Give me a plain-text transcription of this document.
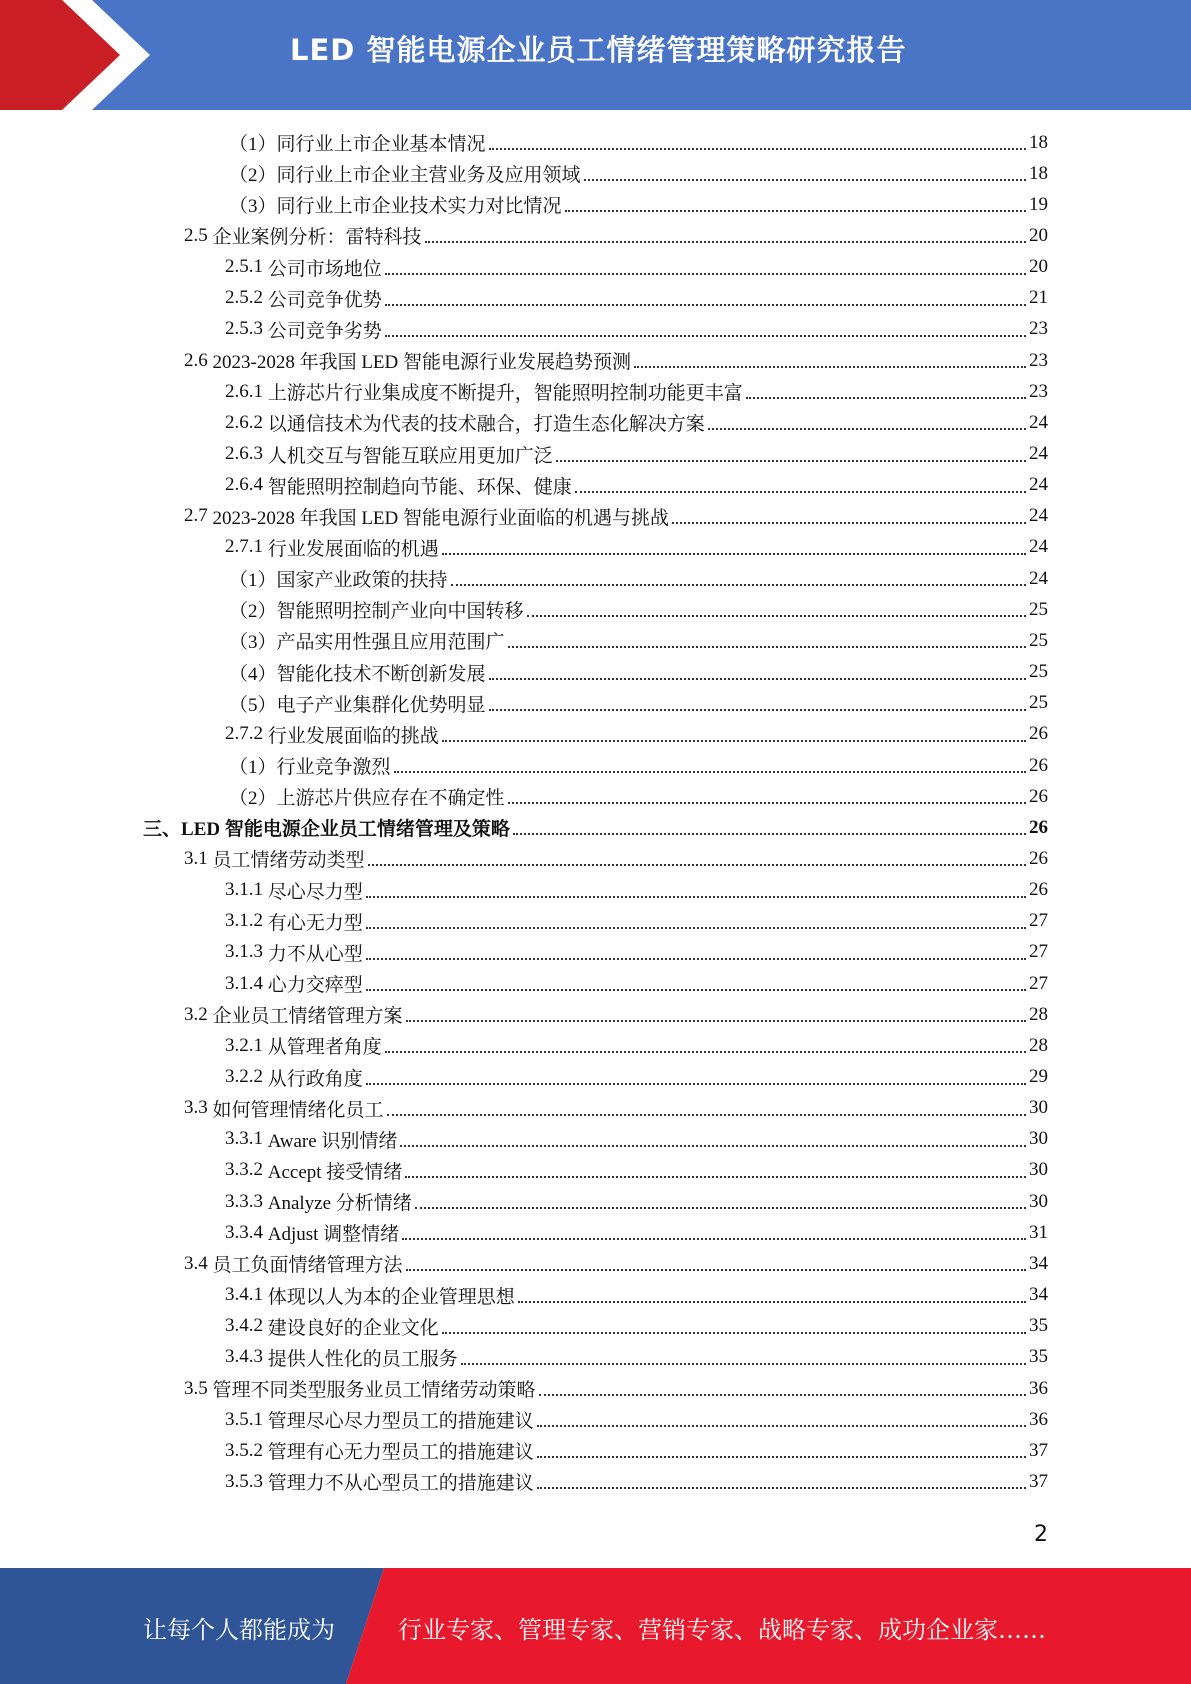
LED 智能电源企业员工情绪管理策略研究报告
（1） 同行业上市企业基本情况	18
（2） 同行业上市企业主营业务及应用领域	18
（3） 同行业上市企业技术实力对比情况	19
2.5 企业案例分析：雷特科技	20
2.5.1 公司市场地位	20
2.5.2 公司竞争优势	21
2.5.3 公司竞争劣势	23
2.6 2023-2028 年我国 LED 智能电源行业发展趋势预测	23
2.6.1 上游芯片行业集成度不断提升，智能照明控制功能更丰富	23
2.6.2 以通信技术为代表的技术融合，打造生态化解决方案	24
2.6.3 人机交互与智能互联应用更加广泛	24
2.6.4 智能照明控制趋向节能、环保、健康	24
2.7 2023-2028 年我国 LED 智能电源行业面临的机遇与挑战	24
2.7.1 行业发展面临的机遇	24
（1） 国家产业政策的扶持	24
（2） 智能照明控制产业向中国转移	25
（3） 产品实用性强且应用范围广	25
（4） 智能化技术不断创新发展	25
（5） 电子产业集群化优势明显	25
2.7.2 行业发展面临的挑战	26
（1） 行业竞争激烈	26
（2） 上游芯片供应存在不确定性	26
三、 LED 智能电源企业员工情绪管理及策略	26
3.1 员工情绪劳动类型	26
3.1.1 尽心尽力型	26
3.1.2 有心无力型	27
3.1.3 力不从心型	27
3.1.4 心力交瘁型	27
3.2 企业员工情绪管理方案	28
3.2.1 从管理者角度	28
3.2.2 从行政角度	29
3.3 如何管理情绪化员工	30
3.3.1 Aware 识别情绪	30
3.3.2 Accept 接受情绪	30
3.3.3 Analyze 分析情绪	30
3.3.4 Adjust 调整情绪	31
3.4 员工负面情绪管理方法	34
3.4.1 体现以人为本的企业管理思想	34
3.4.2 建设良好的企业文化	35
3.4.3 提供人性化的员工服务	35
3.5 管理不同类型服务业员工情绪劳动策略	36
3.5.1 管理尽心尽力型员工的措施建议	36
3.5.2 管理有心无力型员工的措施建议	37
3.5.3 管理力不从心型员工的措施建议	37
2
让每个人都能成为	行业专家、管理专家、营销专家、战略专家、成功企业家……
